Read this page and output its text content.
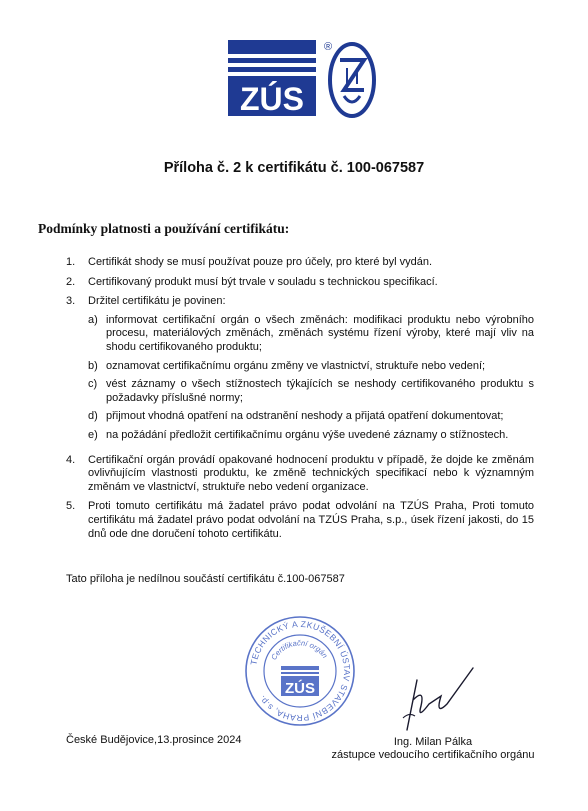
ZÚS
®
Příloha č. 2 k certifikátu č. 100-067587
Podmínky platnosti a používání certifikátu:
1.	Certifikát shody se musí používat pouze pro účely, pro které byl vydán.
2.	Certifikovaný produkt musí být trvale v souladu s technickou specifikací.
3.	Držitel certifikátu je povinen:
a) informovat certifikační orgán o všech změnách: modifikaci produktu nebo výrobního procesu, materiálových změnách, změnách systému řízení výroby, které mají vliv na shodu certifikovaného produktu;
b) oznamovat certifikačnímu orgánu změny ve vlastnictví, struktuře nebo vedení;
c) vést záznamy o všech stížnostech týkajících se neshody certifikovaného produktu s požadavky příslušné normy;
d) přijmout vhodná opatření na odstranění neshody a přijatá opatření dokumentovat;
e) na požádání předložit certifikačnímu orgánu výše uvedené záznamy o stížnostech.
4.	Certifikační orgán provádí opakované hodnocení produktu v případě, že dojde ke změnám ovlivňujícím vlastnosti produktu, ke změně technických specifikací nebo k významným změnám ve vlastnictví, struktuře nebo vedení organizace.
5.	Proti tomuto certifikátu má žadatel právo podat odvolání na TZÚS Praha, Proti tomuto certifikátu má žadatel právo podat odvolání na TZÚS Praha, s.p., úsek řízení jakosti, do 15 dnů ode dne doručení tohoto certifikátu.
Tato příloha je nedílnou součástí certifikátu č.100-067587
TECHNICKÝ A ZKUŠEBNÍ ÚSTAV STAVEBNÍ PRAHA, s.p.
Certifikační orgán
ZÚS
České Budějovice,13.prosince 2024	Ing. Milan Pálka
zástupce vedoucího certifikačního orgánu
